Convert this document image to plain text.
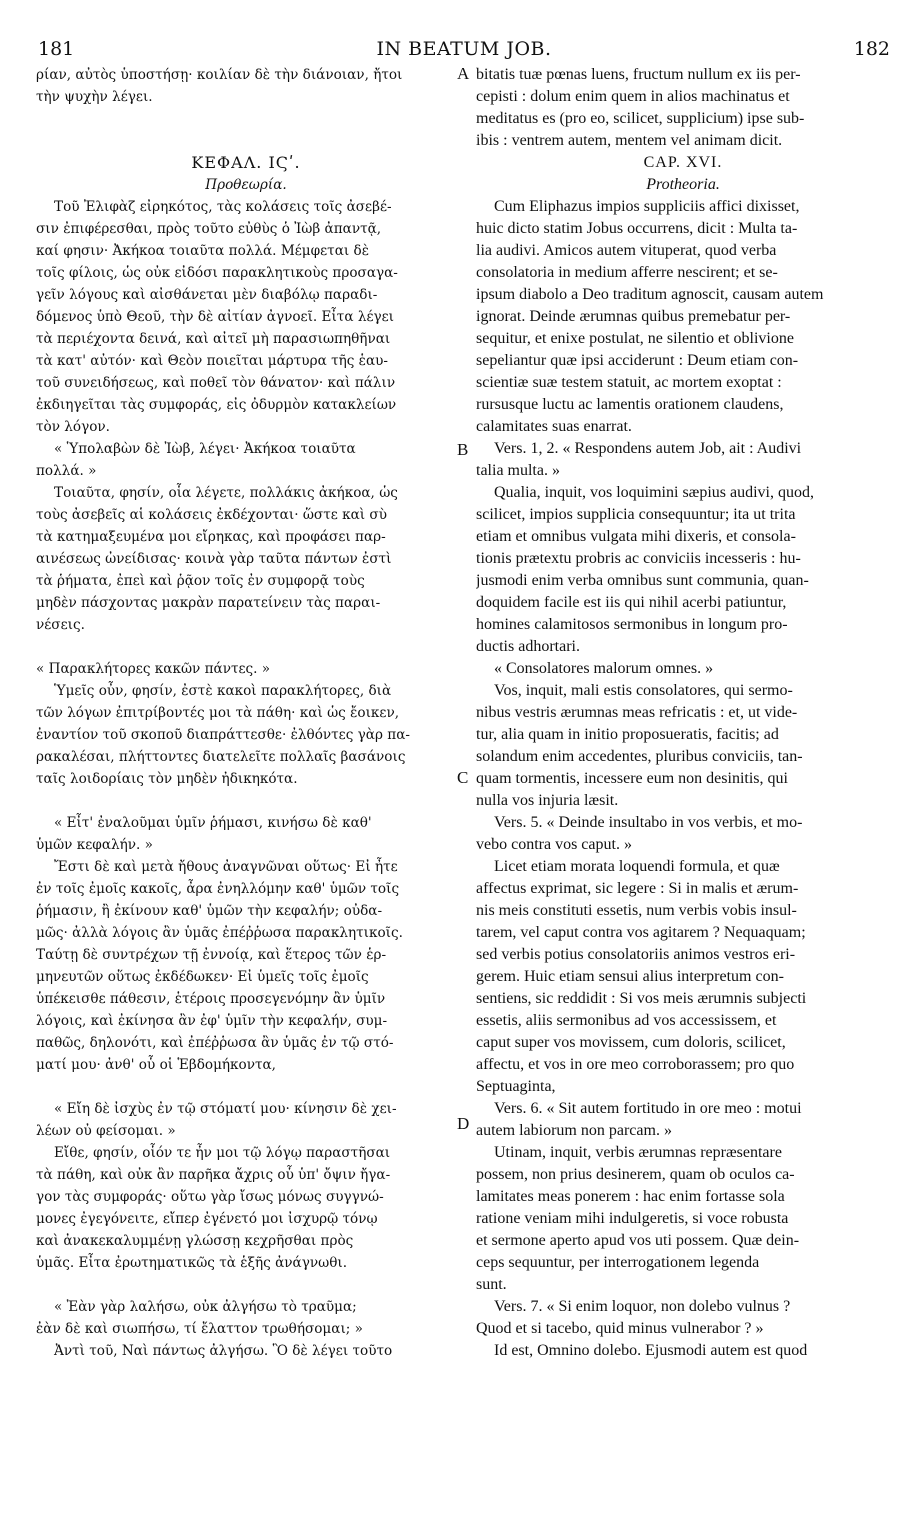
181	IN BEATUM JOB.	182
A
B
C
D
ρίαν, αὐτὸς ὑποστήσῃ· κοιλίαν δὲ τὴν διάνοιαν, ἤτοι
τὴν ψυχὴν λέγει.
ΚΕΦΑΛ. ΙϚʹ.
Προθεωρία.
Τοῦ Ἐλιφὰζ εἰρηκότος, τὰς κολάσεις τοῖς ἀσεβέ-
σιν ἐπιφέρεσθαι, πρὸς τοῦτο εὐθὺς ὁ Ἰὼβ ἀπαντᾷ,
καί φησιν· Ἀκήκοα τοιαῦτα πολλά. Μέμφεται δὲ
τοῖς φίλοις, ὡς οὐκ εἰδόσι παρακλητικοὺς προσαγα-
γεῖν λόγους καὶ αἰσθάνεται μὲν διαβόλῳ παραδι-
δόμενος ὑπὸ Θεοῦ, τὴν δὲ αἰτίαν ἀγνοεῖ. Εἶτα λέγει
τὰ περιέχοντα δεινά, καὶ αἰτεῖ μὴ παρασιωπηθῆναι
τὰ κατ' αὐτόν· καὶ Θεὸν ποιεῖται μάρτυρα τῆς ἑαυ-
τοῦ συνειδήσεως, καὶ ποθεῖ τὸν θάνατον· καὶ πάλιν
ἐκδιηγεῖται τὰς συμφοράς, εἰς ὀδυρμὸν κατακλείων
τὸν λόγον.
« Ὑπολαβὼν δὲ Ἰὼβ, λέγει· Ἀκήκοα τοιαῦτα
πολλά. »
Τοιαῦτα, φησίν, οἷα λέγετε, πολλάκις ἀκήκοα, ὡς
τοὺς ἀσεβεῖς αἱ κολάσεις ἐκδέχονται· ὥστε καὶ σὺ
τὰ κατημαξευμένα μοι εἴρηκας, καὶ προφάσει παρ-
αινέσεως ὠνείδισας· κοινὰ γὰρ ταῦτα πάντων ἐστὶ
τὰ ῥήματα, ἐπεὶ καὶ ῥᾷον τοῖς ἐν συμφορᾷ τοὺς
μηδὲν πάσχοντας μακρὰν παρατείνειν τὰς παραι-
νέσεις.
« Παρακλήτορες κακῶν πάντες. »
Ὑμεῖς οὖν, φησίν, ἐστὲ κακοὶ παρακλήτορες, διὰ
τῶν λόγων ἐπιτρίβοντές μοι τὰ πάθη· καὶ ὡς ἔοικεν,
ἐναντίον τοῦ σκοποῦ διαπράττεσθε· ἐλθόντες γὰρ πα-
ρακαλέσαι, πλήττοντες διατελεῖτε πολλαῖς βασάνοις
ταῖς λοιδορίαις τὸν μηδὲν ἠδικηκότα.
« Εἶτ' ἐναλοῦμαι ὑμῖν ῥήμασι, κινήσω δὲ καθ'
ὑμῶν κεφαλήν. »
Ἔστι δὲ καὶ μετὰ ἤθους ἀναγνῶναι οὕτως· Εἰ ἦτε
ἐν τοῖς ἐμοῖς κακοῖς, ἆρα ἐνηλλόμην καθ' ὑμῶν τοῖς
ῥήμασιν, ἢ ἐκίνουν καθ' ὑμῶν τὴν κεφαλήν; οὐδα-
μῶς· ἀλλὰ λόγοις ἂν ὑμᾶς ἐπέῤῥωσα παρακλητικοῖς.
Ταύτῃ δὲ συντρέχων τῇ ἐννοίᾳ, καὶ ἕτερος τῶν ἑρ-
μηνευτῶν οὕτως ἐκδέδωκεν· Εἰ ὑμεῖς τοῖς ἐμοῖς
ὑπέκεισθε πάθεσιν, ἑτέροις προσεγενόμην ἂν ὑμῖν
λόγοις, καὶ ἐκίνησα ἂν ἐφ' ὑμῖν τὴν κεφαλήν, συμ-
παθῶς, δηλονότι, καὶ ἐπέῤῥωσα ἂν ὑμᾶς ἐν τῷ στό-
ματί μου· ἀνθ' οὗ οἱ Ἑβδομήκοντα,
« Εἴη δὲ ἰσχὺς ἐν τῷ στόματί μου· κίνησιν δὲ χει-
λέων οὐ φείσομαι. »
Εἴθε, φησίν, οἷόν τε ἦν μοι τῷ λόγῳ παραστῆσαι
τὰ πάθη, καὶ οὐκ ἂν παρῆκα ἄχρις οὗ ὑπ' ὄψιν ἤγα-
γον τὰς συμφοράς· οὕτω γὰρ ἴσως μόνως συγγνώ-
μονες ἐγεγόνειτε, εἴπερ ἐγένετό μοι ἰσχυρῷ τόνῳ
καὶ ἀνακεκαλυμμένῃ γλώσσῃ κεχρῆσθαι πρὸς
ὑμᾶς. Εἶτα ἐρωτηματικῶς τὰ ἑξῆς ἀνάγνωθι.
« Ἐὰν γὰρ λαλήσω, οὐκ ἀλγήσω τὸ τραῦμα;
ἐὰν δὲ καὶ σιωπήσω, τί ἔλαττον τρωθήσομαι; »
Ἀντὶ τοῦ, Ναὶ πάντως ἀλγήσω. Ὃ δὲ λέγει τοῦτο
bitatis tuæ pœnas luens, fructum nullum ex iis per-
cepisti : dolum enim quem in alios machinatus et
meditatus es (pro eo, scilicet, supplicium) ipse sub-
ibis : ventrem autem, mentem vel animam dicit.
CAP. XVI.
Protheoria.
Cum Eliphazus impios suppliciis affici dixisset,
huic dicto statim Jobus occurrens, dicit : Multa ta-
lia audivi. Amicos autem vituperat, quod verba
consolatoria in medium afferre nescirent; et se-
ipsum diabolo a Deo traditum agnoscit, causam autem
ignorat. Deinde ærumnas quibus premebatur per-
sequitur, et enixe postulat, ne silentio et oblivione
sepeliantur quæ ipsi acciderunt : Deum etiam con-
scientiæ suæ testem statuit, ac mortem exoptat :
rursusque luctu ac lamentis orationem claudens,
calamitates suas enarrat.
Vers. 1, 2. « Respondens autem Job, ait : Audivi
talia multa. »
Qualia, inquit, vos loquimini sæpius audivi, quod,
scilicet, impios supplicia consequuntur; ita ut trita
etiam et omnibus vulgata mihi dixeris, et consola-
tionis prætextu probris ac conviciis incesseris : hu-
jusmodi enim verba omnibus sunt communia, quan-
doquidem facile est iis qui nihil acerbi patiuntur,
homines calamitosos sermonibus in longum pro-
ductis adhortari.
« Consolatores malorum omnes. »
Vos, inquit, mali estis consolatores, qui sermo-
nibus vestris ærumnas meas refricatis : et, ut vide-
tur, alia quam in initio proposueratis, facitis; ad
solandum enim accedentes, pluribus conviciis, tan-
quam tormentis, incessere eum non desinitis, qui
nulla vos injuria læsit.
Vers. 5. « Deinde insultabo in vos verbis, et mo-
vebo contra vos caput. »
Licet etiam morata loquendi formula, et quæ
affectus exprimat, sic legere : Si in malis et ærum-
nis meis constituti essetis, num verbis vobis insul-
tarem, vel caput contra vos agitarem ? Nequaquam;
sed verbis potius consolatoriis animos vestros eri-
gerem. Huic etiam sensui alius interpretum con-
sentiens, sic reddidit : Si vos meis ærumnis subjecti
essetis, aliis sermonibus ad vos accessissem, et
caput super vos movissem, cum doloris, scilicet,
affectu, et vos in ore meo corroborassem; pro quo
Septuaginta,
Vers. 6. « Sit autem fortitudo in ore meo : motui
autem labiorum non parcam. »
Utinam, inquit, verbis ærumnas repræsentare
possem, non prius desinerem, quam ob oculos ca-
lamitates meas ponerem : hac enim fortasse sola
ratione veniam mihi indulgeretis, si voce robusta
et sermone aperto apud vos uti possem. Quæ dein-
ceps sequuntur, per interrogationem legenda
sunt.
Vers. 7. « Si enim loquor, non dolebo vulnus ?
Quod et si tacebo, quid minus vulnerabor ? »
Id est, Omnino dolebo. Ejusmodi autem est quod
